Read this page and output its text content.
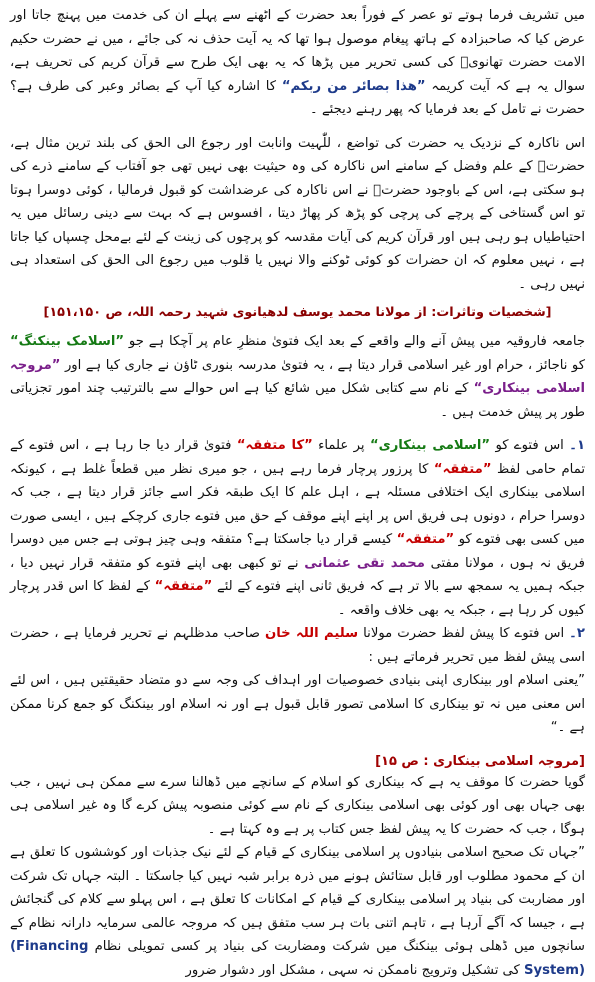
میں تشریف فرما ہوتے تو عصر کے فوراً بعد حضرت کے اٹھنے سے پہلے ان کی خدمت میں پہنچ جاتا اور عرض کیا کہ صاحبزادہ کے ہاتھ پیغام موصول ہوا تھا کہ یہ آیت حذف نہ کی جائے ، میں نے حضرت حکیم الامت حضرت تھانویؒ کی کسی تحریر میں پڑھا کہ یہ بھی ایک طرح سے قرآن کریم کی تحریف ہے، سوال یہ ہے کہ آیت کریمہ ”ھذا بصائر من ربکم“ کا اشارہ کیا آپ کے بصائر وعبر کی طرف ہے؟ حضرت نے تامل کے بعد فرمایا کہ پھر رہنے دیجئے ۔

اس ناکارہ کے نزدیک یہ حضرت کی تواضع ، للّٰہیت وانابت اور رجوع الی الحق کی بلند ترین مثال ہے، حضرتؒ کے علم وفضل کے سامنے اس ناکارہ کی وہ حیثیت بھی نہیں تھی جو آفتاب کے سامنے ذرے کی ہو سکتی ہے، اس کے باوجود حضرتؒ نے اس ناکارہ کی عرضداشت کو قبول فرمالیا ، کوئی دوسرا ہوتا تو اس گستاخی کے پرچے کی پرچی کو پڑھ کر پھاڑ دیتا ، افسوس ہے کہ بہت سے دینی رسائل میں یہ احتیاطیاں ہو رہی ہیں اور قرآن کریم کی آیات مقدسہ کو پرچوں کی زینت کے لئے بےمحل چسپاں کیا جاتا ہے ، نہیں معلوم کہ ان حضرات کو کوئی ٹوکنے والا نہیں یا قلوب میں رجوع الی الحق کی استعداد ہی نہیں رہی ۔

[شخصیات وتاثرات: از مولانا محمد یوسف لدھیانوی شہید رحمہ اللہ، ص ۱۵۱،۱۵۰]

جامعہ فاروقیہ میں پیش آنے والے واقعے کے بعد ایک فتویٰ منظرِ عام پر آچکا ہے جو ”اسلامک بینکنگ“ کو ناجائز ، حرام اور غیر اسلامی قرار دیتا ہے ، یہ فتویٰ مدرسہ بنوری ٹاؤن نے جاری کیا ہے اور ”مروجہ اسلامی بینکاری“ کے نام سے کتابی شکل میں شائع کیا ہے اس حوالے سے بالترتیب چند امور تجزیاتی طور پر پیش خدمت ہیں ۔

۱۔ اس فتوے کو ”اسلامی بینکاری“ پر علماء ”کا متفقہ“ فتویٰ قرار دیا جا رہا ہے ، اس فتوے کے تمام حامی لفظ ”متفقہ“ کا پرزور پرچار فرما رہے ہیں ، جو میری نظر میں قطعاً غلط ہے ، کیونکہ اسلامی بینکاری ایک اختلافی مسئلہ ہے ، اہل علم کا ایک طبقہ فکر اسے جائز قرار دیتا ہے ، جب کہ دوسرا حرام ، دونوں ہی فریق اس پر اپنے اپنے موقف کے حق میں فتوے جاری کرچکے ہیں ، ایسی صورت میں کسی بھی فتوے کو ”متفقہ“ کیسے قرار دیا جاسکتا ہے؟ متفقہ وہی چیز ہوتی ہے جس میں دوسرا فریق نہ ہوں ، مولانا مفتی محمد تقی عثمانی نے تو کبھی بھی اپنے فتوے کو متفقہ قرار نہیں دیا ، جبکہ ہمیں یہ سمجھ سے بالا تر ہے کہ فریق ثانی اپنے فتوے کے لئے ”متفقہ“ کے لفظ کا اس قدر پرچار کیوں کر رہا ہے ، جبکہ یہ بھی خلاف واقعہ ۔

۲۔ اس فتوے کا پیش لفظ حضرت مولانا سلیم اللہ خان صاحب مدظلہم نے تحریر فرمایا ہے ، حضرت اسی پیش لفظ میں تحریر فرماتے ہیں :

”یعنی اسلام اور بینکاری اپنی بنیادی خصوصیات اور اہداف کی وجہ سے دو متضاد حقیقتیں ہیں ، اس لئے اس معنی میں نہ تو بینکاری کا اسلامی تصور قابل قبول ہے اور نہ اسلام اور بینکنگ کو جمع کرنا ممکن ہے ۔“

[مروجہ اسلامی بینکاری : ص ۱۵]

گویا حضرت کا موقف یہ ہے کہ بینکاری کو اسلام کے سانچے میں ڈھالنا سرے سے ممکن ہی نہیں ، جب بھی جہاں بھی اور کوئی بھی اسلامی بینکاری کے نام سے کوئی منصوبہ پیش کرے گا وہ غیر اسلامی ہی ہوگا ، جب کہ حضرت کا یہ پیش لفظ جس کتاب پر ہے وہ کہتا ہے ۔

”جہاں تک صحیح اسلامی بنیادوں پر اسلامی بینکاری کے قیام کے لئے نیک جذبات اور کوششوں کا تعلق ہے ان کے محمود مطلوب اور قابل ستائش ہونے میں ذرہ برابر شبہ نہیں کیا جاسکتا ۔ البتہ جہاں تک شرکت اور مضاربت کی بنیاد پر اسلامی بینکاری کے قیام کے امکانات کا تعلق ہے ، اس پہلو سے کلام کی گنجائش ہے ، جیسا کہ آگے آرہا ہے ، تاہم اتنی بات ہر سب متفق ہیں کہ مروجہ عالمی سرمایہ دارانہ نظام کے سانچوں میں ڈھلی ہوئی بینکنگ میں شرکت ومضاربت کی بنیاد پر کسی تمویلی نظام (Financing System) کی تشکیل وترویج ناممکن نہ سہی ، مشکل اور دشوار ضرور
